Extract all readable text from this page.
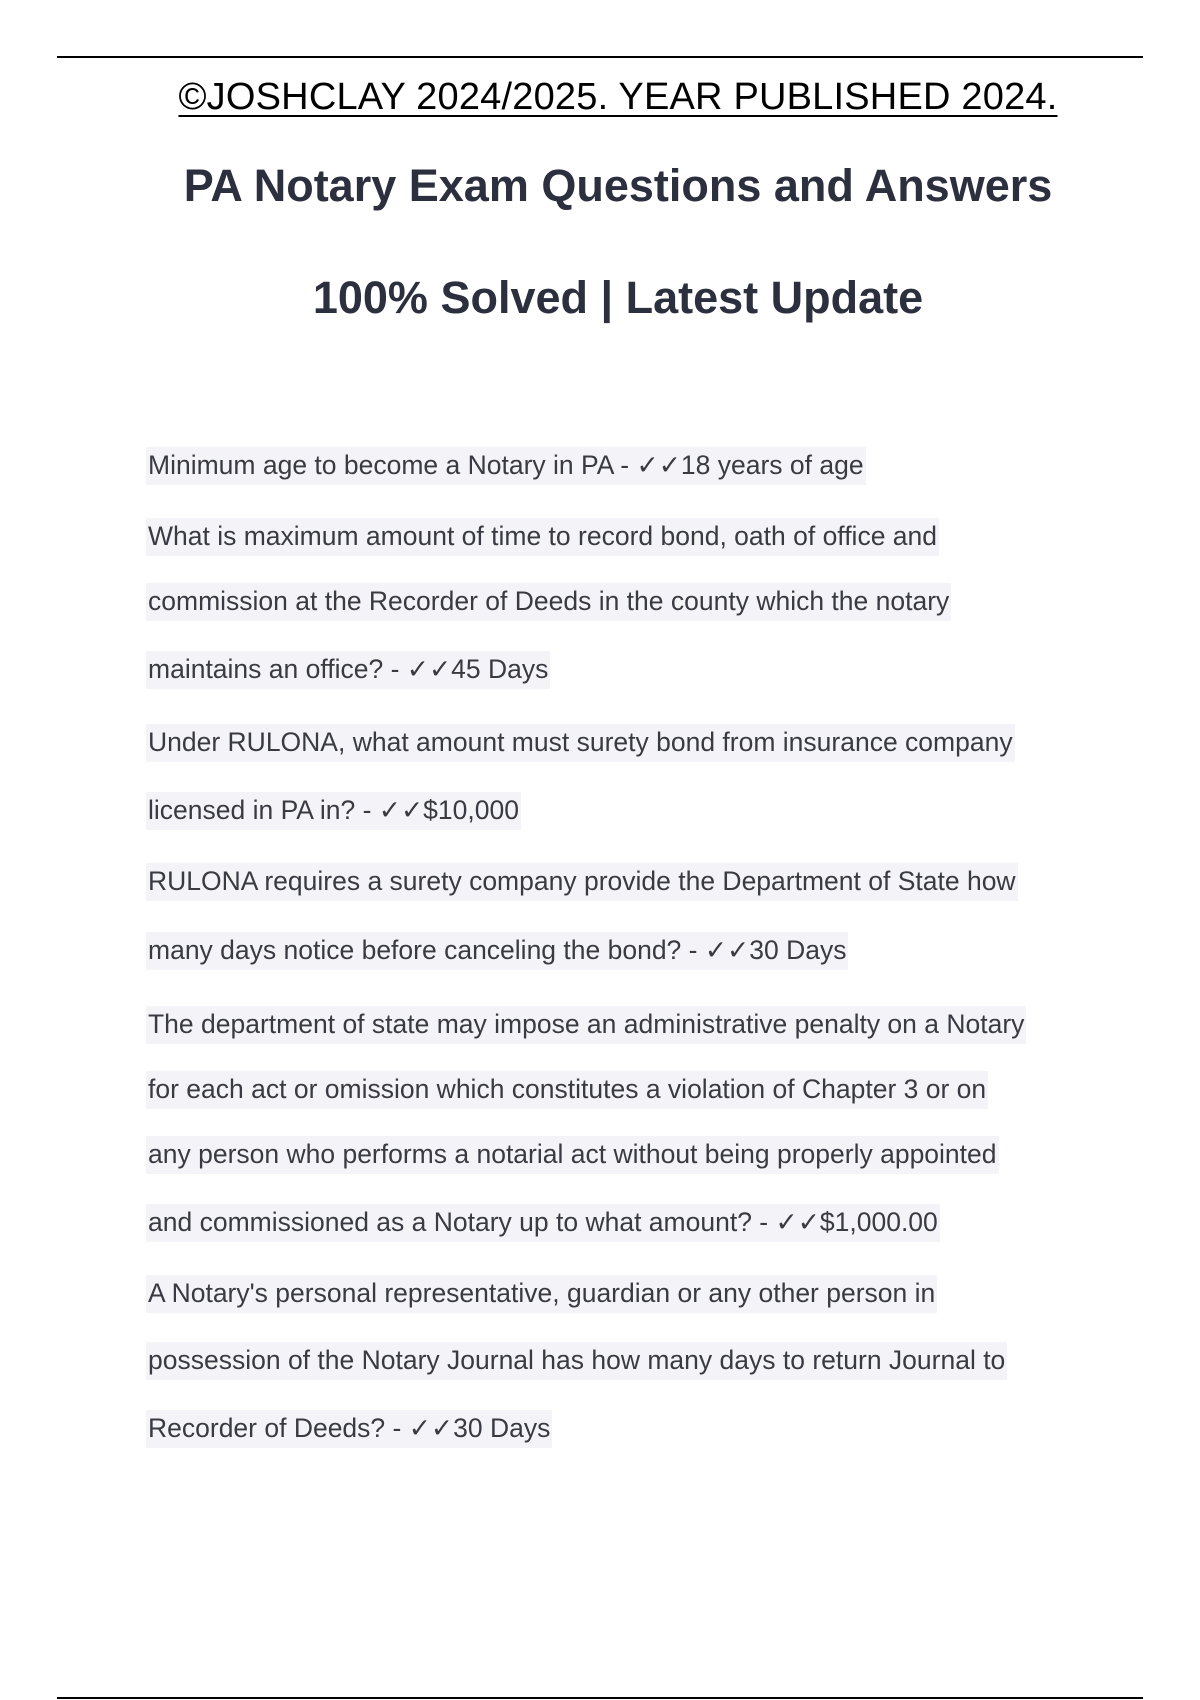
©JOSHCLAY 2024/2025. YEAR PUBLISHED 2024.
PA Notary Exam Questions and Answers
100% Solved | Latest Update
Minimum age to become a Notary in PA - ✓✓18 years of age
What is maximum amount of time to record bond, oath of office and
commission at the Recorder of Deeds in the county which the notary
maintains an office? - ✓✓45 Days
Under RULONA, what amount must surety bond from insurance company
licensed in PA in? - ✓✓$10,000
RULONA requires a surety company provide the Department of State how
many days notice before canceling the bond? - ✓✓30 Days
The department of state may impose an administrative penalty on a Notary
for each act or omission which constitutes a violation of Chapter 3 or on
any person who performs a notarial act without being properly appointed
and commissioned as a Notary up to what amount? - ✓✓$1,000.00
A Notary's personal representative, guardian or any other person in
possession of the Notary Journal has how many days to return Journal to
Recorder of Deeds? - ✓✓30 Days
